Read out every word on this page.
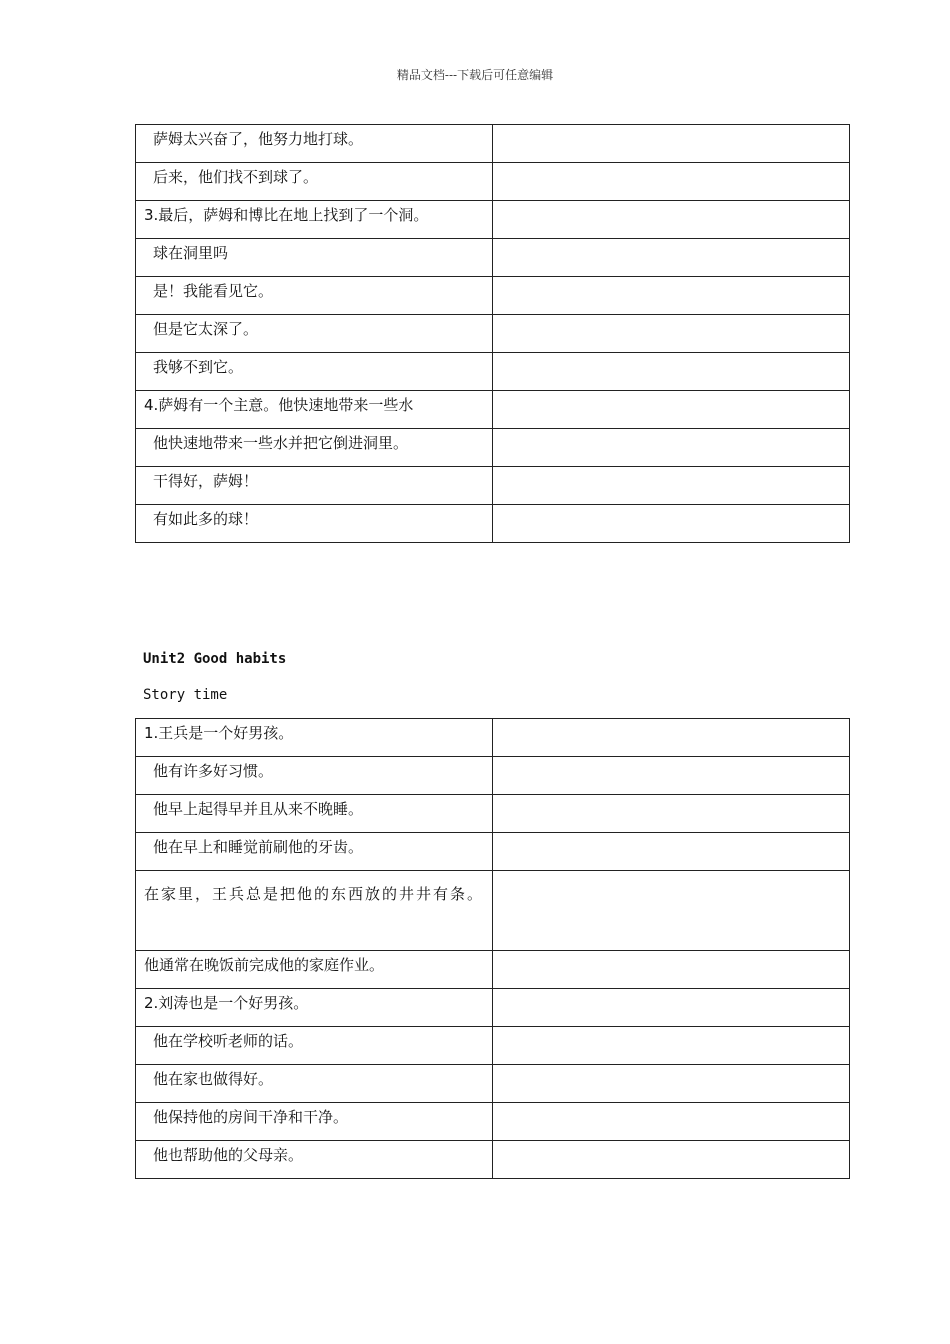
精品文档---下载后可任意编辑
萨姆太兴奋了，他努力地打球。	

后来，他们找不到球了。	

3.最后，萨姆和博比在地上找到了一个洞。	

球在洞里吗	

是！我能看见它。	

但是它太深了。	

我够不到它。	

4.萨姆有一个主意。他快速地带来一些水	

他快速地带来一些水并把它倒进洞里。	

干得好，萨姆！	

有如此多的球！	

Unit2 Good habits
Story time
1.王兵是一个好男孩。	

他有许多好习惯。	

他早上起得早并且从来不晚睡。	

他在早上和睡觉前刷他的牙齿。	

在家里，王兵总是把他的东西放的井井有条。	

他通常在晚饭前完成他的家庭作业。	

2.刘涛也是一个好男孩。	

他在学校听老师的话。	

他在家也做得好。	

他保持他的房间干净和干净。	

他也帮助他的父母亲。	
